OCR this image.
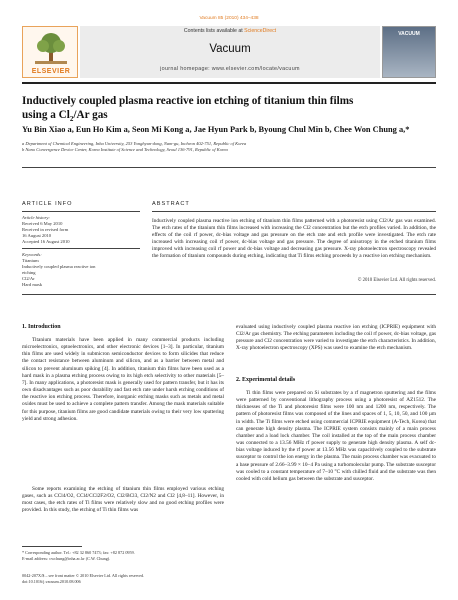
Vacuum 85 (2010) 434–438
ELSEVIER
Contents lists available at ScienceDirect
Vacuum
journal homepage: www.elsevier.com/locate/vacuum
VACUUM
Inductively coupled plasma reactive ion etching of titanium thin films
using a $Cl_2/Ar$ gas
Yu Bin Xiao a, Eun Ho Kim a, Seon Mi Kong a, Jae Hyun Park b, Byoung Chul Min b, Chee Won Chung a,*
a Department of Chemical Engineering, Inha University, 253 Yonghyun-dong, Nam-gu, Incheon 402-751, Republic of Korea
b Nano Convergence Device Center, Korea Institute of Science and Technology, Seoul 136-791, Republic of Korea
ARTICLE INFO
Article history:
Received 6 May 2010
Received in revised form
16 August 2010
Accepted 16 August 2010
Keywords:
Titanium
Inductively coupled plasma reactive ion
etching
Cl2/Ar
Hard mask
ABSTRACT
Inductively coupled plasma reactive ion etching of titanium thin films patterned with a photoresist using Cl2/Ar gas was examined. The etch rates of the titanium thin films increased with increasing the Cl2 concentration but the etch profiles varied. In addition, the effects of the coil rf power, dc-bias voltage and gas pressure on the etch rate and etch profile were investigated. The etch rate increased with increasing coil rf power, dc-bias voltage and gas pressure. The degree of anisotropy in the etched titanium films improved with increasing coil rf power and dc-bias voltage and decreasing gas pressure. X-ray photoelectron spectroscopy revealed the formation of titanium compounds during etching, indicating that Ti films etching proceeds by a reactive ion etching mechanism.
© 2010 Elsevier Ltd. All rights reserved.
1. Introduction
Titanium materials have been applied in many commercial products including microelectronics, optoelectronics, and other electronic devices [1–3]. In particular, titanium thin films are used widely in submicron semiconductor devices to form silicides that reduce the contact resistance between aluminum and silicon, and as a barrier between metal and silicon to prevent aluminum spiking [4]. In addition, titanium thin films have been used as a hard mask in a plasma etching process owing to its high etch selectivity to other materials [5–7]. In many applications, a photoresist mask is generally used for pattern transfer, but it has its own disadvantages such as poor durability and fast etch rate under harsh etching conditions of the reactive ion etching process. Therefore, inorganic etching masks such as metals and metal oxides must be used to achieve a complete pattern transfer. Among the mask materials suitable for this purpose, titanium films are good candidate materials owing to their very low sputtering yield and strong adhesion.
Some reports examining the etching of titanium thin films employed various etching gases, such as CCl4/O2, CCl4/CCl2F2/O2, Cl2/BCl3, Cl2/N2 and Cl2 [4,8–11]. However, in most cases, the etch rates of Ti films were relatively slow and no good etching profiles were provided. In this study, the etching of Ti thin films was
* Corresponding author. Tel.: +82 32 860 7473; fax: +82 872 0959.
E-mail address: cwchung@inha.ac.kr (C.W. Chung).
0042-207X/$ – see front matter © 2010 Elsevier Ltd. All rights reserved.
doi:10.1016/j.vacuum.2010.08.006
evaluated using inductively coupled plasma reactive ion etching (ICPRIE) equipment with Cl2/Ar gas chemistry. The etching parameters including the coil rf power, dc-bias voltage, gas pressure and Cl2 concentration were varied to investigate the etch characteristics. In addition, X-ray photoelectron spectroscopy (XPS) was used to examine the etch mechanism.
2. Experimental details
Ti thin films were prepared on Si substrates by a rf magnetron sputtering and the films were patterned by conventional lithography process using a photoresist of AZ1512. The thicknesses of the Ti and photoresist films were 100 nm and 1200 nm, respectively. The pattern of photoresist films was composed of the lines and spaces of 1, 5, 10, 50, and 100 µm in width. The Ti films were etched using commercial ICPRIE equipment (A-Tech, Korea) that can generate high density plasma. The ICPRIE system consists mainly of a main process chamber and a load lock chamber. The coil installed at the top of the main process chamber was connected to a 13.56 MHz rf power supply to generate high density plasma. A self dc-bias voltage induced by the rf power at 13.56 MHz was capacitively coupled to the substrate susceptor to control the ion energy in the plasma. The main process chamber was evacuated to a base pressure of 2.66–3.99 × 10−4 Pa using a turbomolecular pump. The substrate susceptor was cooled to a constant temperature of 7–10 °C with chilled fluid and the substrate was then cooled with cold helium gas between the substrate and susceptor.
